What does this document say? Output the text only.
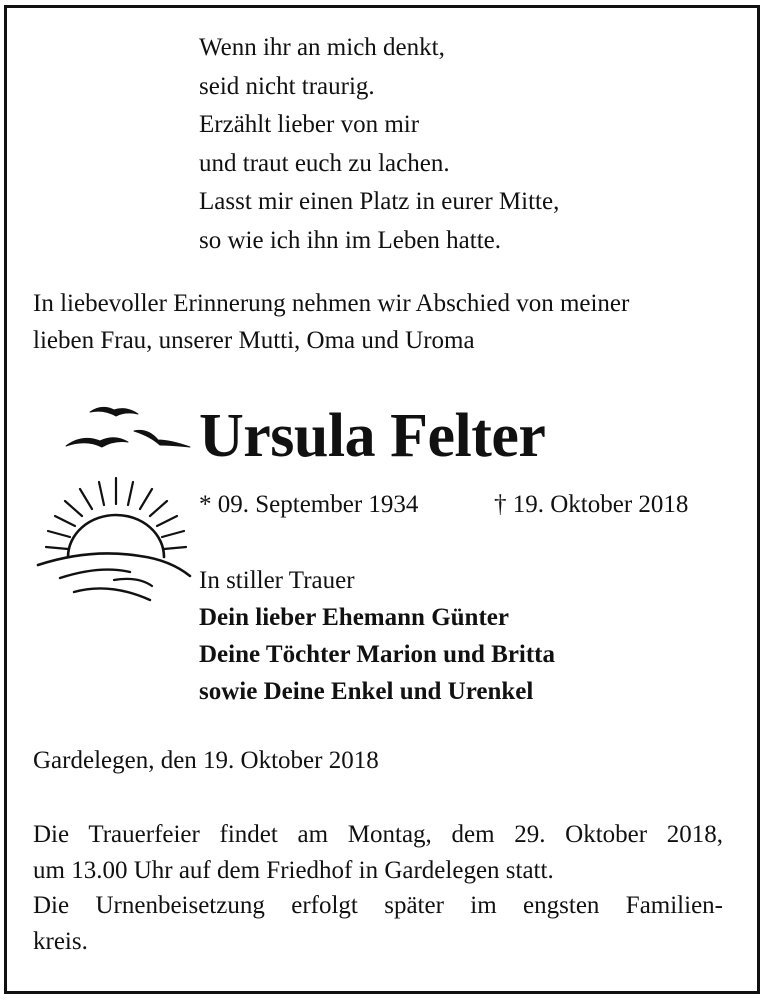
Wenn ihr an mich denkt,
seid nicht traurig.
Erzählt lieber von mir
und traut euch zu lachen.
Lasst mir einen Platz in eurer Mitte,
so wie ich ihn im Leben hatte.
In liebevoller Erinnerung nehmen wir Abschied von meiner
lieben Frau, unserer Mutti, Oma und Uroma
Ursula Felter
* 09. September 1934	† 19. Oktober 2018
In stiller Trauer
Dein lieber Ehemann Günter
Deine Töchter Marion und Britta
sowie Deine Enkel und Urenkel
Gardelegen, den 19. Oktober 2018
Die Trauerfeier findet am Montag, dem 29. Oktober 2018,
um 13.00 Uhr auf dem Friedhof in Gardelegen statt.
Die Urnenbeisetzung erfolgt später im engsten Familien-
kreis.
